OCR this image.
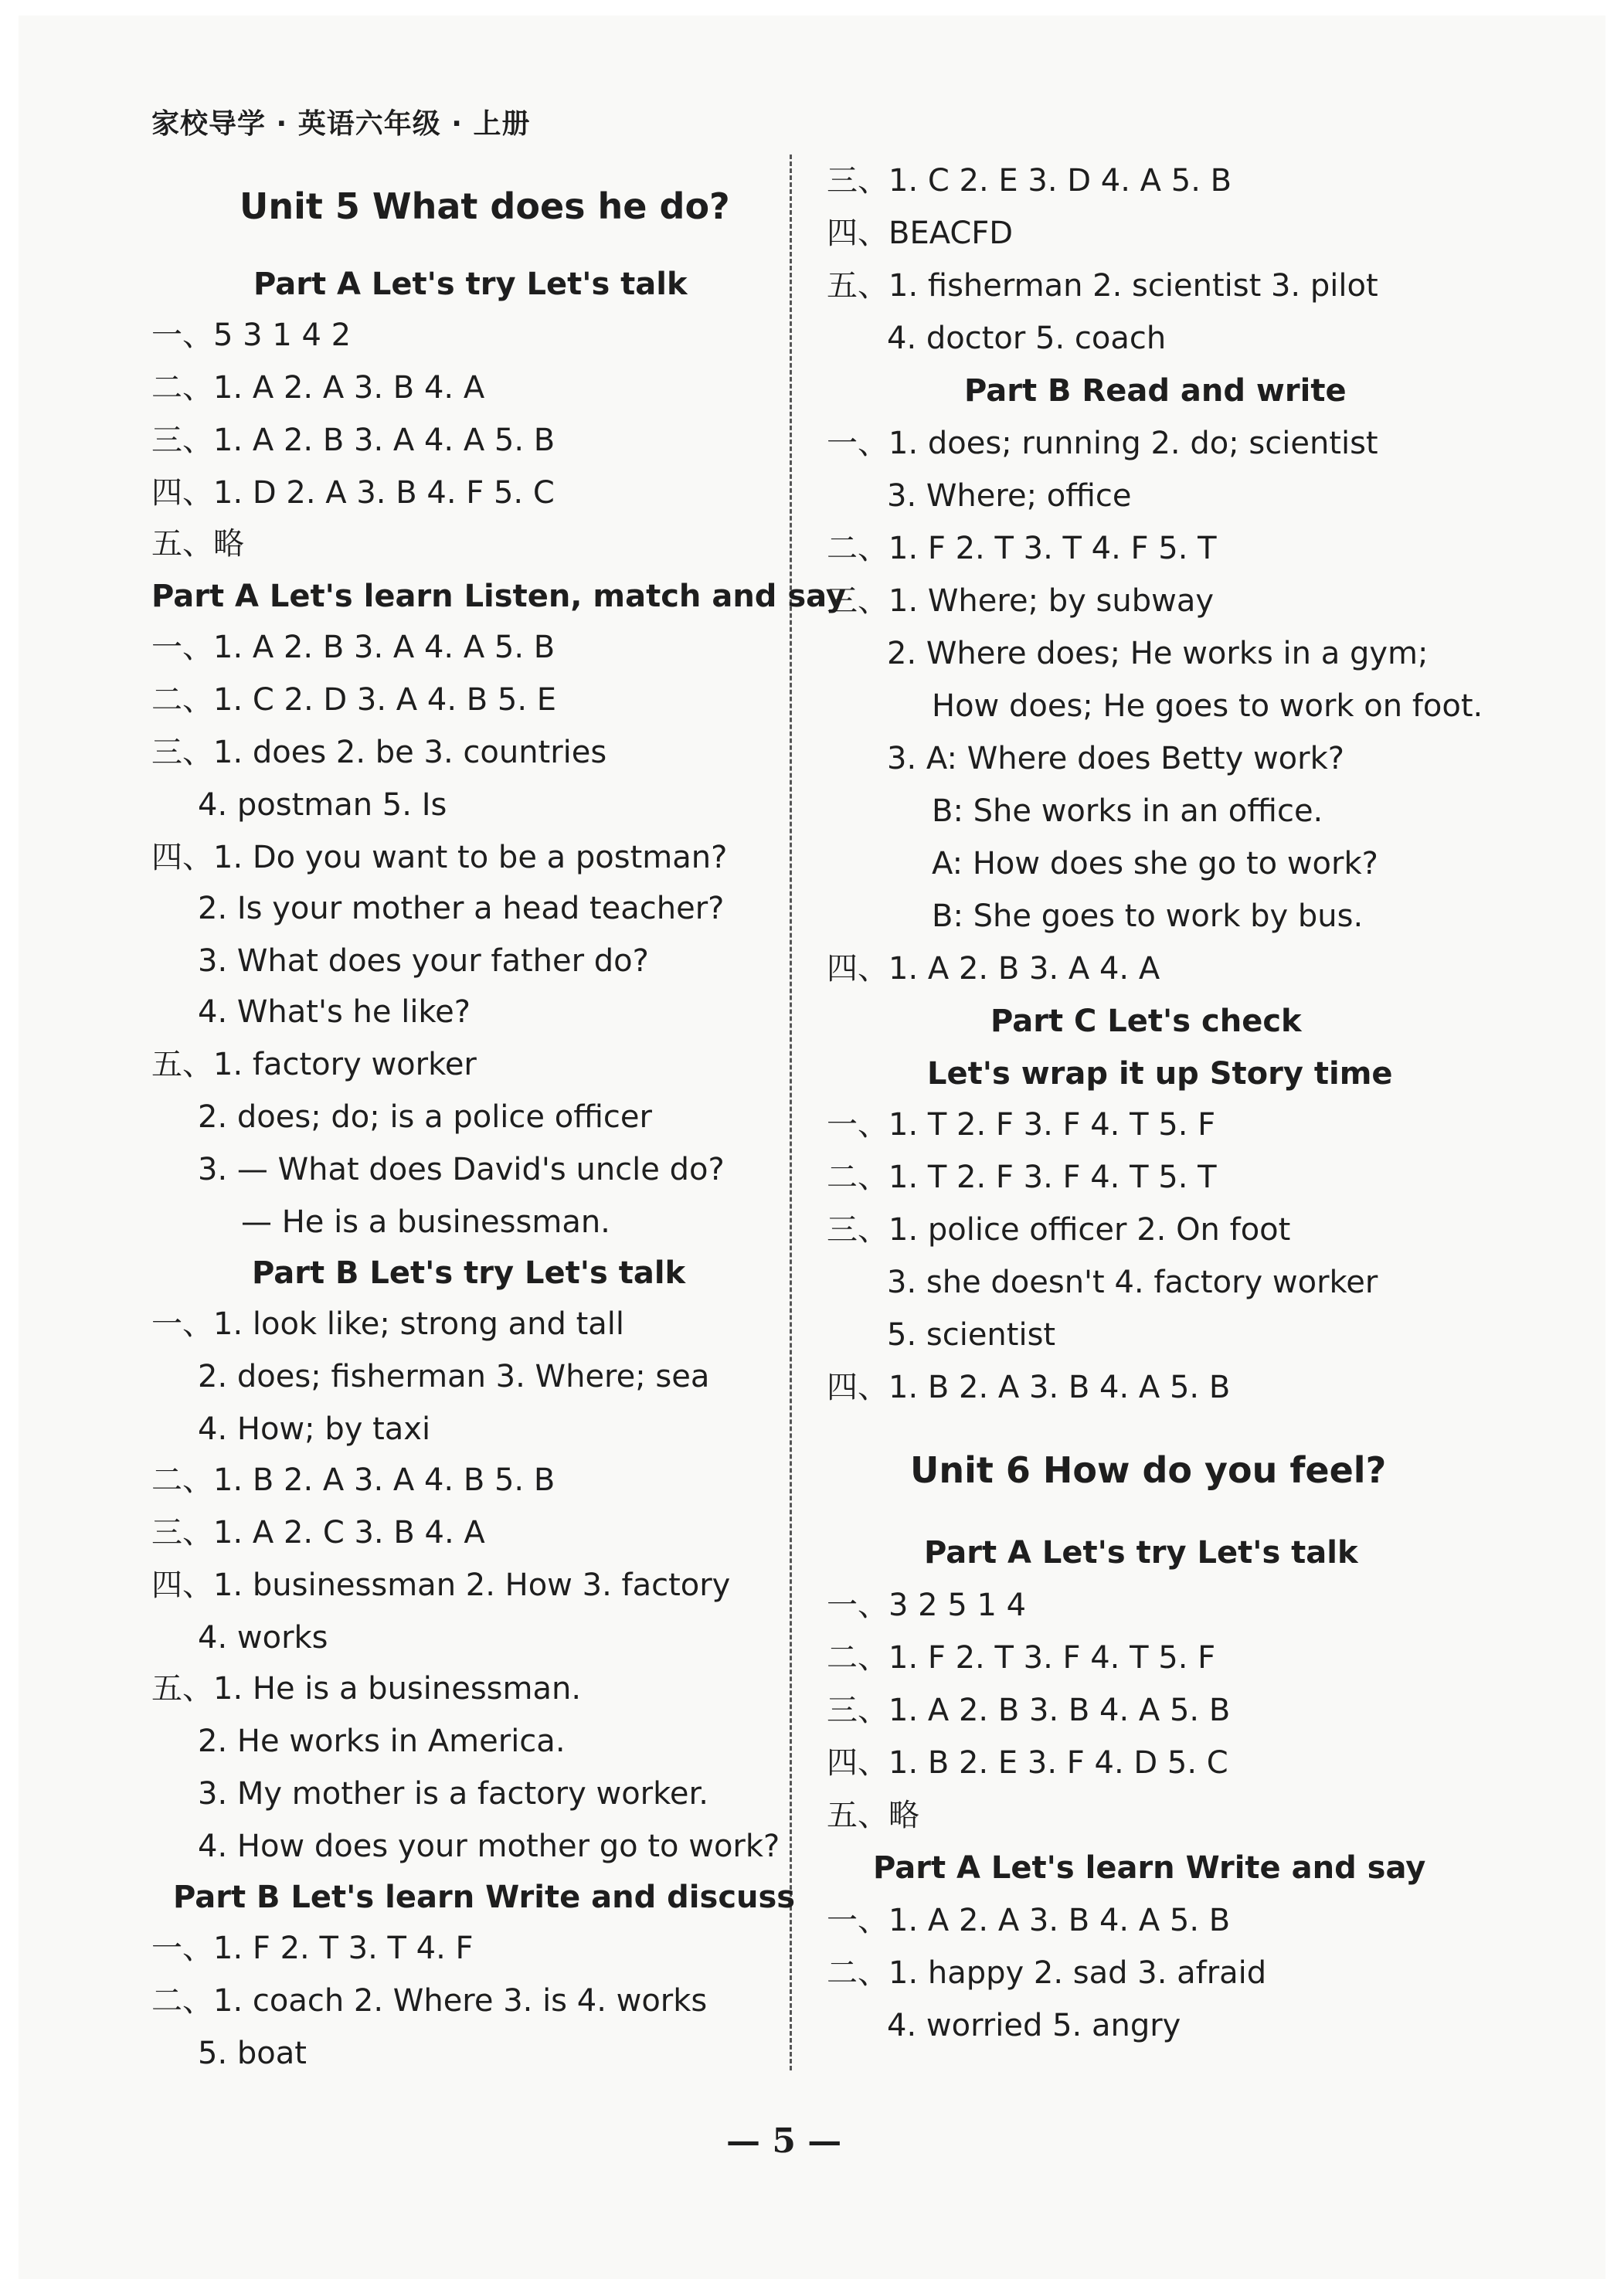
家校导学 · 英语六年级 · 上册
Unit 5 What does he do?
Part A Let's try Let's talk
一、5 3 1 4 2
二、1. A 2. A 3. B 4. A
三、1. A 2. B 3. A 4. A 5. B
四、1. D 2. A 3. B 4. F 5. C
五、略
Part A Let's learn Listen, match and say
一、1. A 2. B 3. A 4. A 5. B
二、1. C 2. D 3. A 4. B 5. E
三、1. does 2. be 3. countries
4. postman 5. Is
四、1. Do you want to be a postman?
2. Is your mother a head teacher?
3. What does your father do?
4. What's he like?
五、1. factory worker
2. does; do; is a police officer
3. — What does David's uncle do?
— He is a businessman.
Part B Let's try Let's talk
一、1. look like; strong and tall
2. does; fisherman 3. Where; sea
4. How; by taxi
二、1. B 2. A 3. A 4. B 5. B
三、1. A 2. C 3. B 4. A
四、1. businessman 2. How 3. factory
4. works
五、1. He is a businessman.
2. He works in America.
3. My mother is a factory worker.
4. How does your mother go to work?
Part B Let's learn Write and discuss
一、1. F 2. T 3. T 4. F
二、1. coach 2. Where 3. is 4. works
5. boat
三、1. C 2. E 3. D 4. A 5. B
四、BEACFD
五、1. fisherman 2. scientist 3. pilot
4. doctor 5. coach
Part B Read and write
一、1. does; running 2. do; scientist
3. Where; office
二、1. F 2. T 3. T 4. F 5. T
三、1. Where; by subway
2. Where does; He works in a gym;
How does; He goes to work on foot.
3. A: Where does Betty work?
B: She works in an office.
A: How does she go to work?
B: She goes to work by bus.
四、1. A 2. B 3. A 4. A
Part C Let's check
Let's wrap it up Story time
一、1. T 2. F 3. F 4. T 5. F
二、1. T 2. F 3. F 4. T 5. T
三、1. police officer 2. On foot
3. she doesn't 4. factory worker
5. scientist
四、1. B 2. A 3. B 4. A 5. B
Unit 6 How do you feel?
Part A Let's try Let's talk
一、3 2 5 1 4
二、1. F 2. T 3. F 4. T 5. F
三、1. A 2. B 3. B 4. A 5. B
四、1. B 2. E 3. F 4. D 5. C
五、略
Part A Let's learn Write and say
一、1. A 2. A 3. B 4. A 5. B
二、1. happy 2. sad 3. afraid
4. worried 5. angry
— 5 —
